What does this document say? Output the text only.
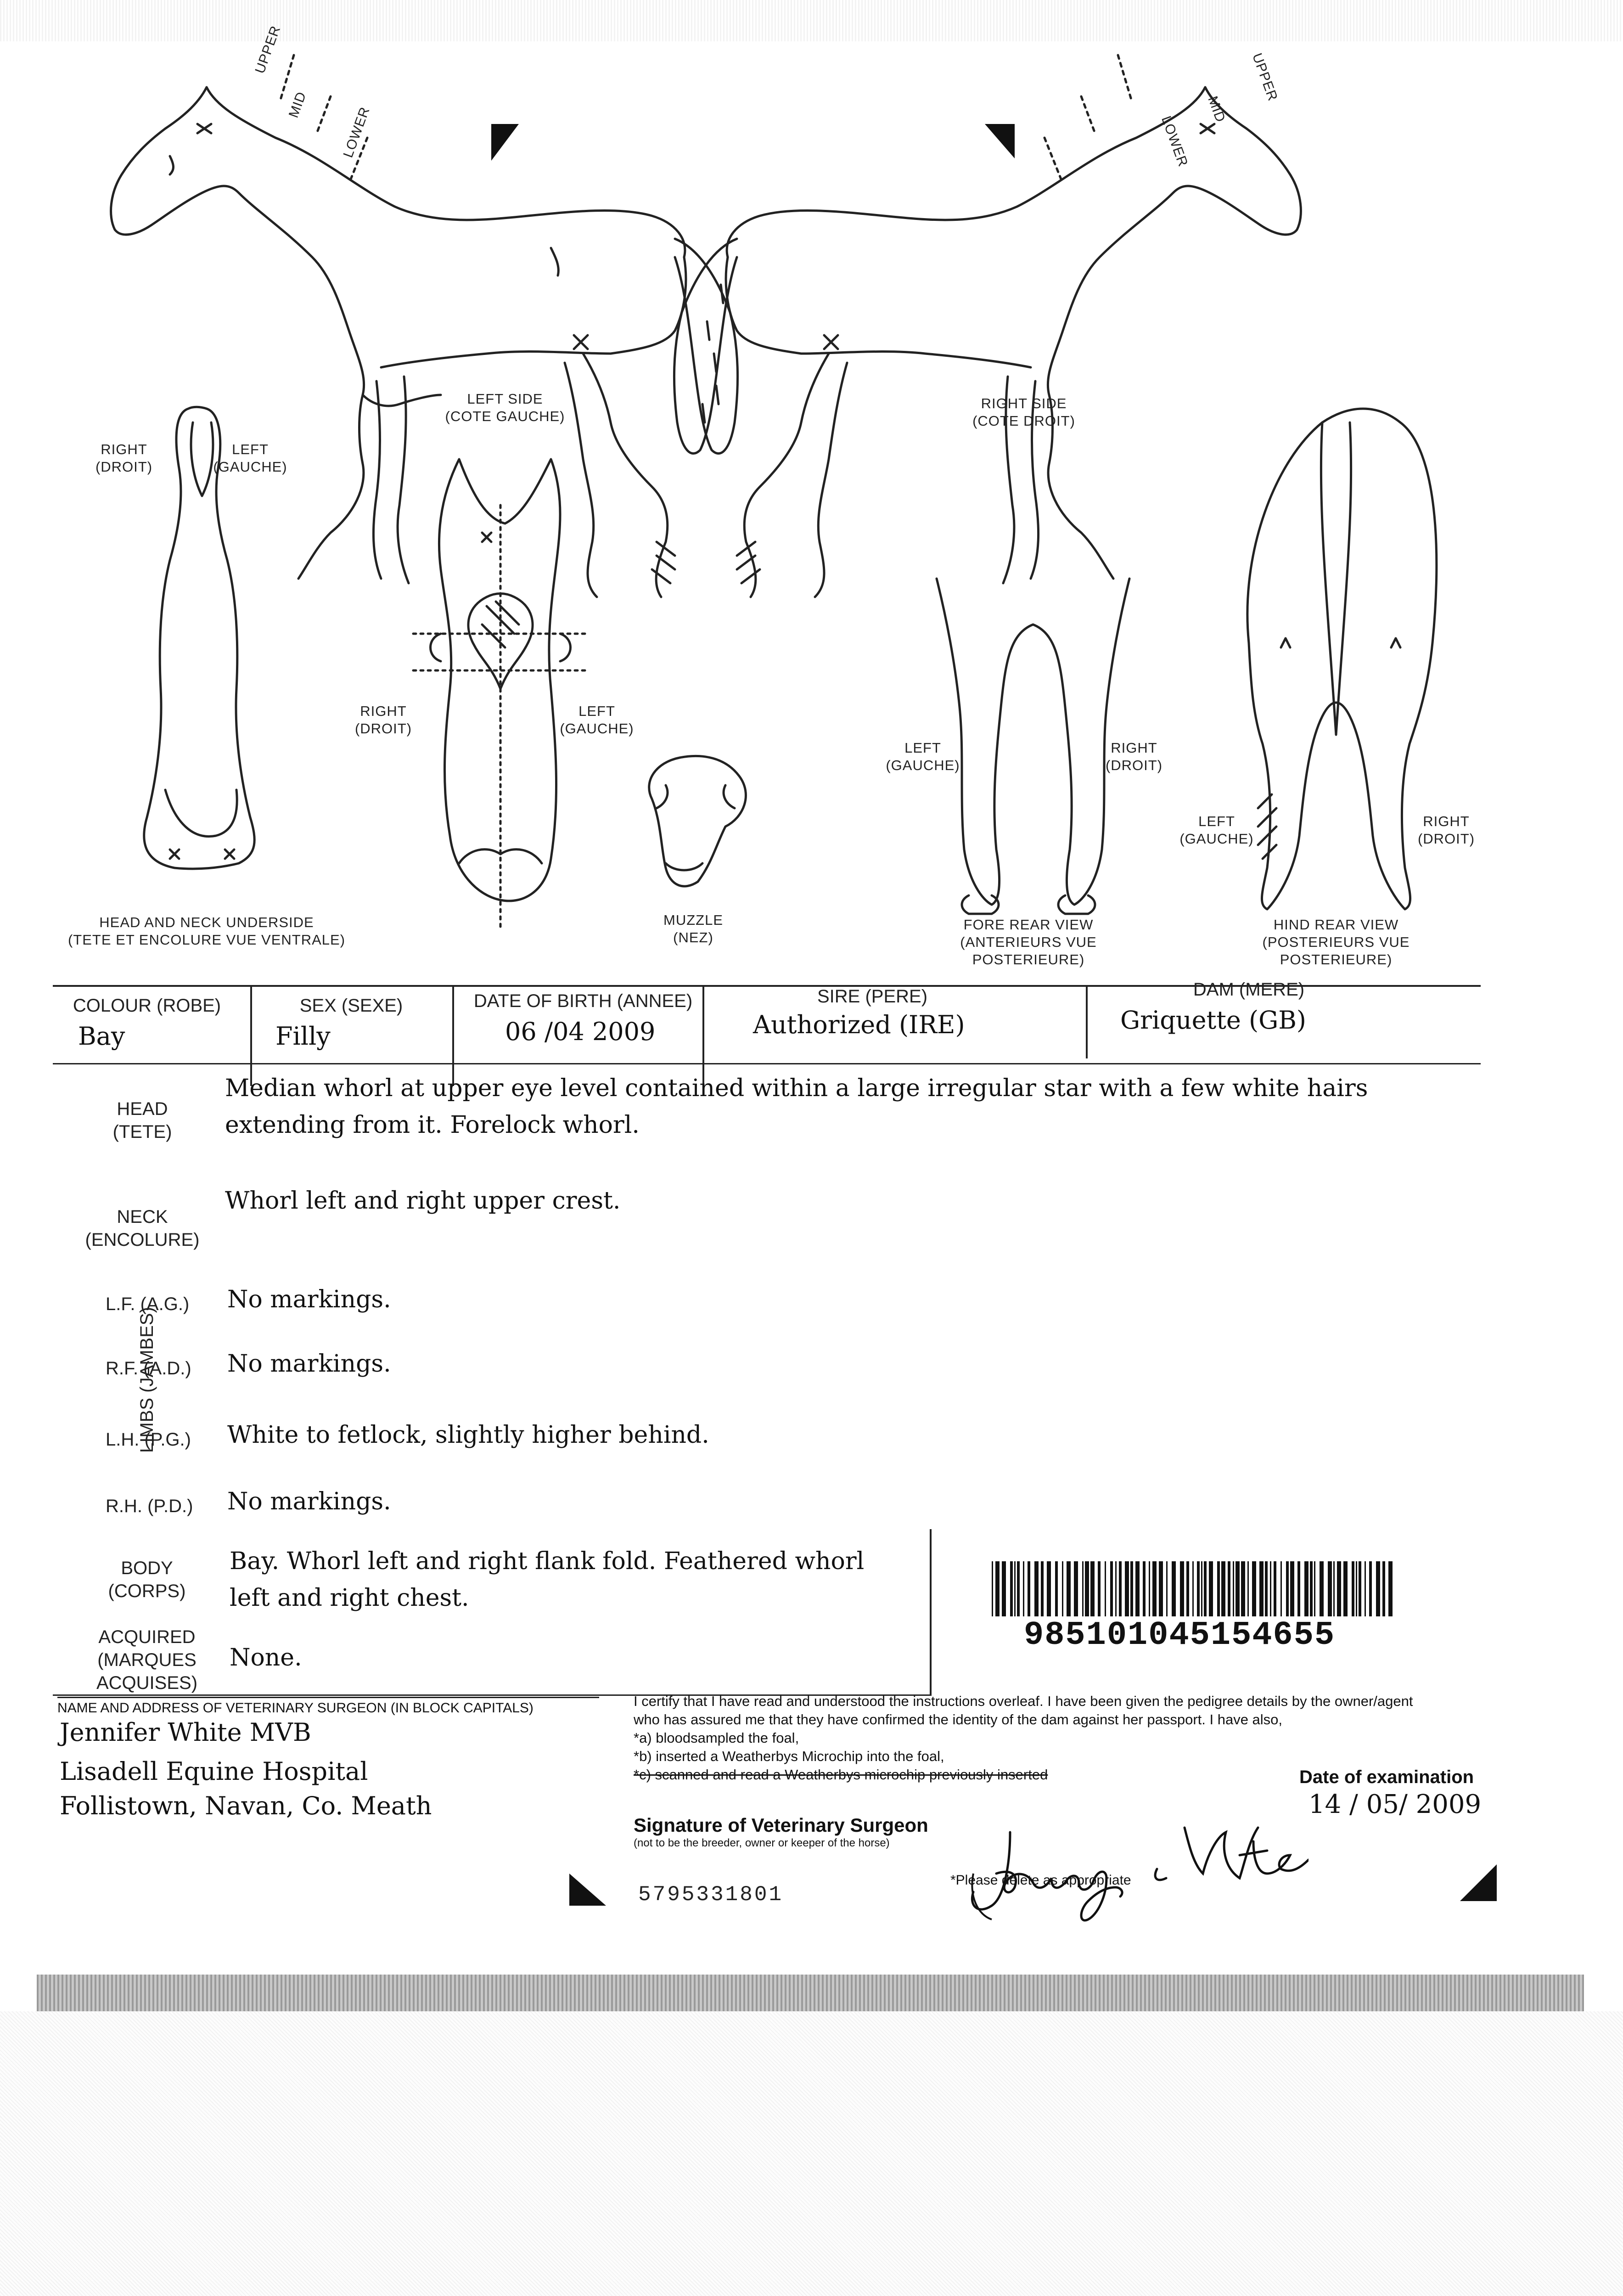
UPPER
MID
LOWER
UPPER
MID
LOWER
LEFT SIDE
(COTE GAUCHE)
RIGHT SIDE
(COTE DROIT)
RIGHT
(DROIT)
LEFT
(GAUCHE)
RIGHT
(DROIT)
LEFT
(GAUCHE)
HEAD AND NECK UNDERSIDE
(TETE ET ENCOLURE VUE VENTRALE)
MUZZLE
(NEZ)
LEFT
(GAUCHE)
RIGHT
(DROIT)
FORE REAR VIEW
(ANTERIEURS VUE
POSTERIEURE)
LEFT
(GAUCHE)
RIGHT
(DROIT)
HIND REAR VIEW
(POSTERIEURS VUE
POSTERIEURE)
COLOUR (ROBE)
Bay
SEX (SEXE)
Filly
DATE OF BIRTH (ANNEE)
06 /04 2009
SIRE (PERE)
Authorized (IRE)
DAM (MERE)
Griquette (GB)
HEAD
(TETE)
Median whorl at upper eye level contained within a large irregular star with a few white hairs
extending from it. Forelock whorl.
NECK
(ENCOLURE)
Whorl left and right upper crest.
LIMBS (JAMBES)
L.F. (A.G.)	No markings.
R.F. (A.D.)	No markings.
L.H. (P.G.)	White to fetlock, slightly higher behind.
R.H. (P.D.)	No markings.
BODY
(CORPS)
Bay. Whorl left and right flank fold. Feathered whorl
left and right chest.
ACQUIRED
(MARQUES
ACQUISES)
None.
985101045154655
NAME AND ADDRESS OF VETERINARY SURGEON (IN BLOCK CAPITALS)
Jennifer White MVB
Lisadell Equine Hospital
Follistown, Navan, Co. Meath
I certify that I have read and understood the instructions overleaf. I have been given the pedigree details by the owner/agent
who has assured me that they have confirmed the identity of the dam against her passport. I have also,
*a) bloodsampled the foal,
*b) inserted a Weatherbys Microchip into the foal,
*c) scanned and read a Weatherbys microchip previously inserted	Date of examination
14 / 05/ 2009
Signature of Veterinary Surgeon
(not to be the breeder, owner or keeper of the horse)
*Please delete as appropriate
5795331801
